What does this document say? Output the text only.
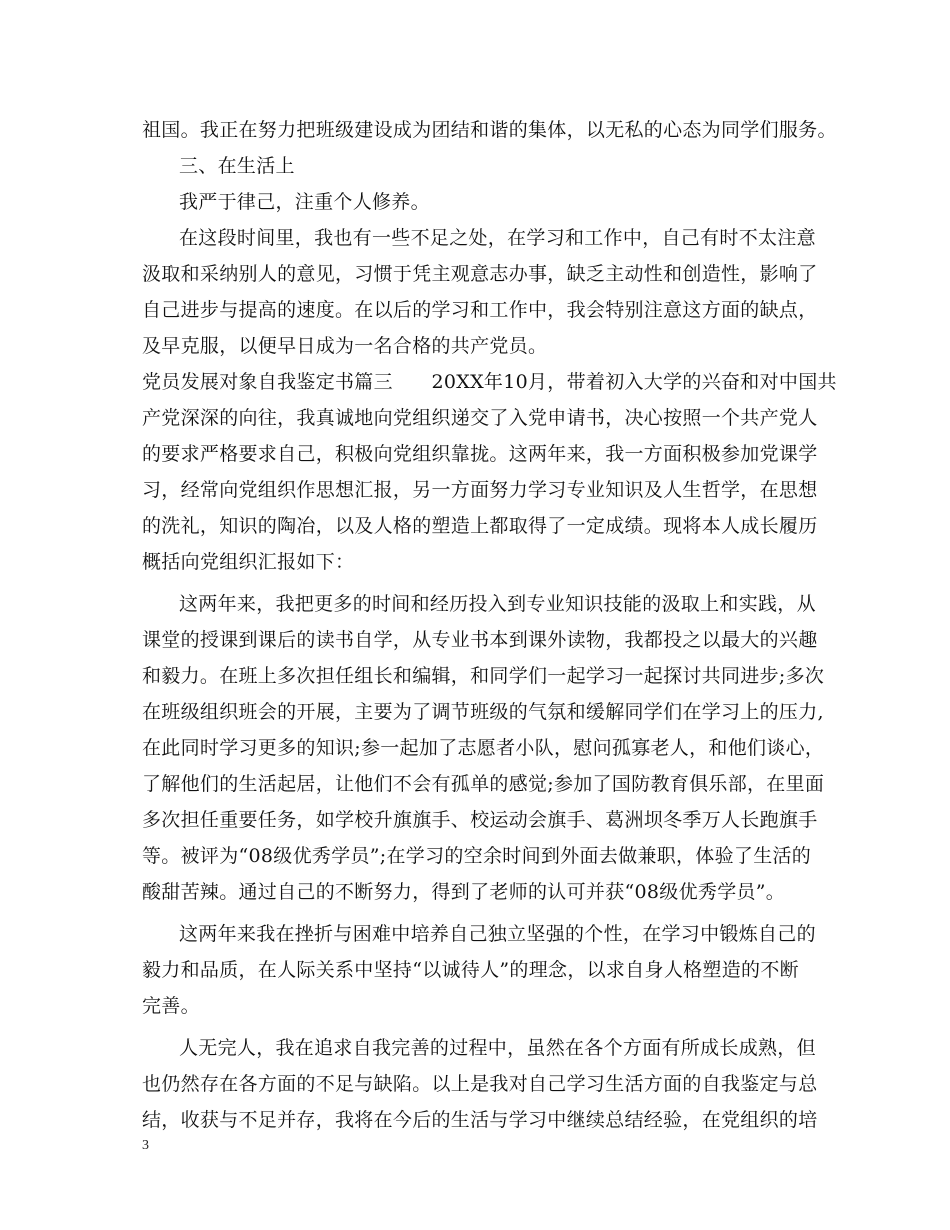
祖国。我正在努力把班级建设成为团结和谐的集体，以无私的心态为同学们服务。
三、在生活上
我严于律己，注重个人修养。
在这段时间里，我也有一些不足之处，在学习和工作中，自己有时不太注意
汲取和采纳别人的意见，习惯于凭主观意志办事，缺乏主动性和创造性，影响了
自己进步与提高的速度。在以后的学习和工作中，我会特别注意这方面的缺点，
及早克服，以便早日成为一名合格的共产党员。
党员发展对象自我鉴定书篇三　　20XX年10月，带着初入大学的兴奋和对中国共
产党深深的向往，我真诚地向党组织递交了入党申请书，决心按照一个共产党人
的要求严格要求自己，积极向党组织靠拢。这两年来，我一方面积极参加党课学
习，经常向党组织作思想汇报，另一方面努力学习专业知识及人生哲学，在思想
的洗礼，知识的陶冶，以及人格的塑造上都取得了一定成绩。现将本人成长履历
概括向党组织汇报如下：
这两年来，我把更多的时间和经历投入到专业知识技能的汲取上和实践，从
课堂的授课到课后的读书自学，从专业书本到课外读物，我都投之以最大的兴趣
和毅力。在班上多次担任组长和编辑，和同学们一起学习一起探讨共同进步;多次
在班级组织班会的开展，主要为了调节班级的气氛和缓解同学们在学习上的压力,
在此同时学习更多的知识;参一起加了志愿者小队，慰问孤寡老人，和他们谈心，
了解他们的生活起居，让他们不会有孤单的感觉;参加了国防教育俱乐部，在里面
多次担任重要任务，如学校升旗旗手、校运动会旗手、葛洲坝冬季万人长跑旗手
等。被评为“08级优秀学员”;在学习的空余时间到外面去做兼职，体验了生活的
酸甜苦辣。通过自己的不断努力，得到了老师的认可并获“08级优秀学员”。
这两年来我在挫折与困难中培养自己独立坚强的个性，在学习中锻炼自己的
毅力和品质，在人际关系中坚持“以诚待人”的理念，以求自身人格塑造的不断
完善。
人无完人，我在追求自我完善的过程中，虽然在各个方面有所成长成熟，但
也仍然存在各方面的不足与缺陷。以上是我对自己学习生活方面的自我鉴定与总
结，收获与不足并存，我将在今后的生活与学习中继续总结经验，在党组织的培
3
